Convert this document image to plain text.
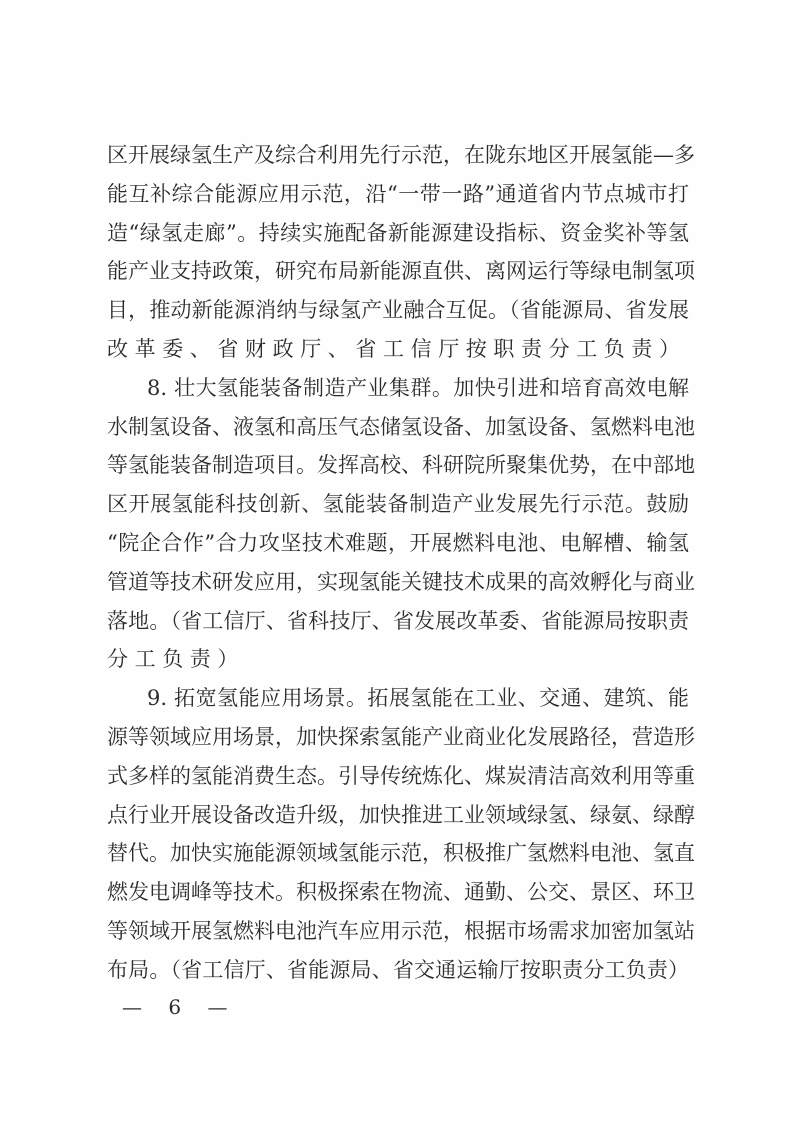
区开展绿氢生产及综合利用先行示范，在陇东地区开展氢能—多
能互补综合能源应用示范，沿“一带一路”通道省内节点城市打
造“绿氢走廊”。持续实施配备新能源建设指标、资金奖补等氢
能产业支持政策，研究布局新能源直供、离网运行等绿电制氢项
目，推动新能源消纳与绿氢产业融合互促。（省能源局、省发展
改革委、省财政厅、省工信厅按职责分工负责）
8. 壮大氢能装备制造产业集群。加快引进和培育高效电解
水制氢设备、液氢和高压气态储氢设备、加氢设备、氢燃料电池
等氢能装备制造项目。发挥高校、科研院所聚集优势，在中部地
区开展氢能科技创新、氢能装备制造产业发展先行示范。鼓励
“院企合作”合力攻坚技术难题，开展燃料电池、电解槽、输氢
管道等技术研发应用，实现氢能关键技术成果的高效孵化与商业
落地。（省工信厅、省科技厅、省发展改革委、省能源局按职责
分工负责）
9. 拓宽氢能应用场景。拓展氢能在工业、交通、建筑、能
源等领域应用场景，加快探索氢能产业商业化发展路径，营造形
式多样的氢能消费生态。引导传统炼化、煤炭清洁高效利用等重
点行业开展设备改造升级，加快推进工业领域绿氢、绿氨、绿醇
替代。加快实施能源领域氢能示范，积极推广氢燃料电池、氢直
燃发电调峰等技术。积极探索在物流、通勤、公交、景区、环卫
等领域开展氢燃料电池汽车应用示范，根据市场需求加密加氢站
布局。（省工信厅、省能源局、省交通运输厅按职责分工负责）
— 6 —
